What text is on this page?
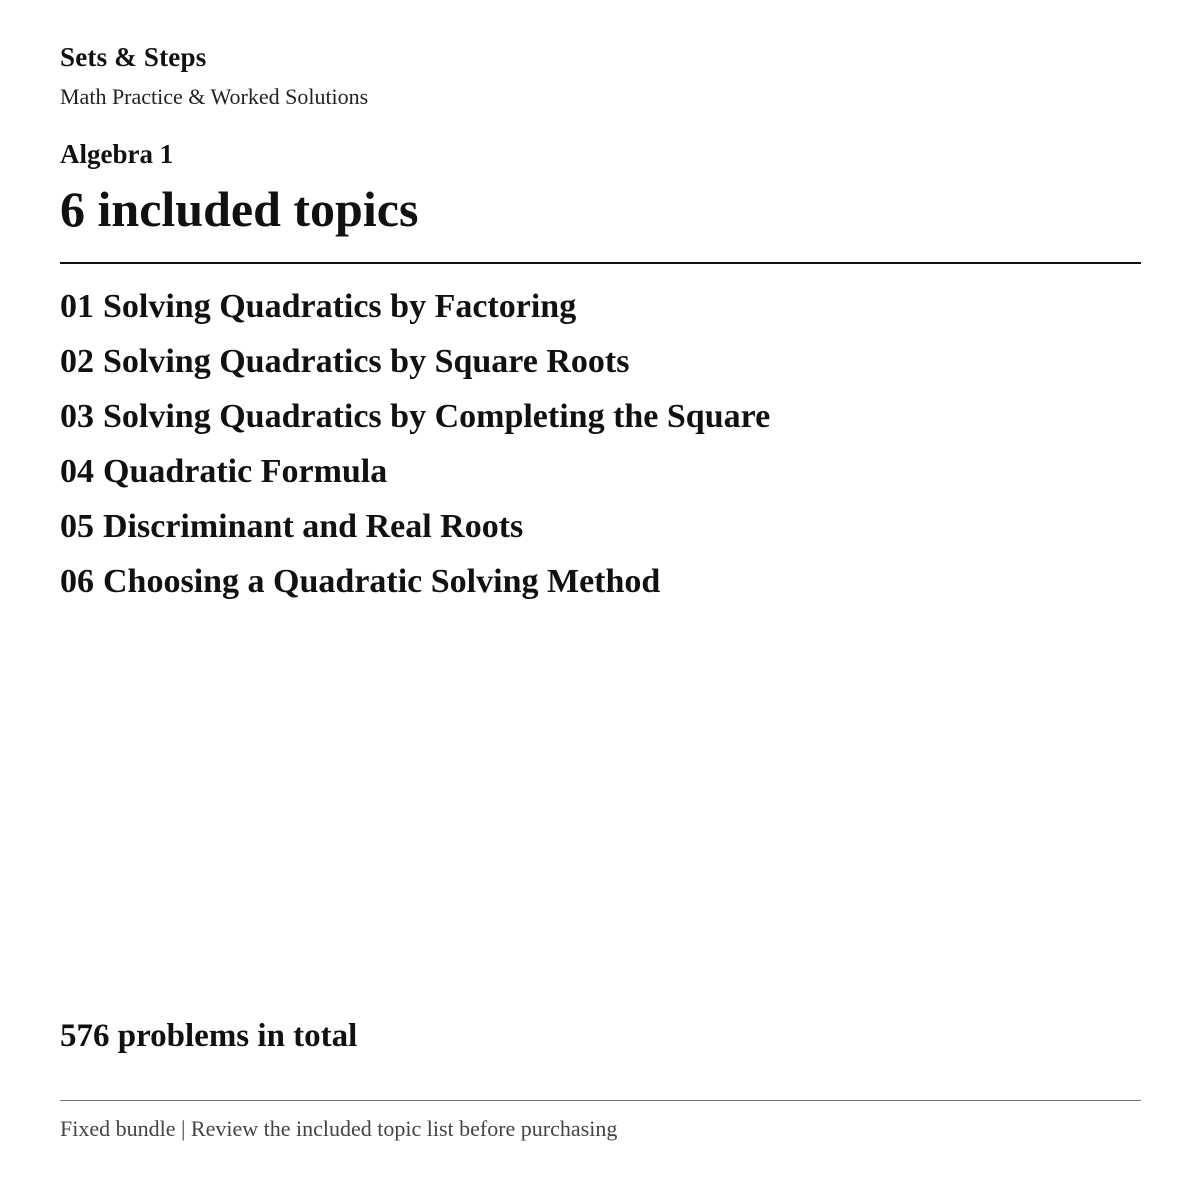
Sets & Steps
Math Practice & Worked Solutions
Algebra 1
6 included topics
01 Solving Quadratics by Factoring
02 Solving Quadratics by Square Roots
03 Solving Quadratics by Completing the Square
04 Quadratic Formula
05 Discriminant and Real Roots
06 Choosing a Quadratic Solving Method
576 problems in total
Fixed bundle | Review the included topic list before purchasing
